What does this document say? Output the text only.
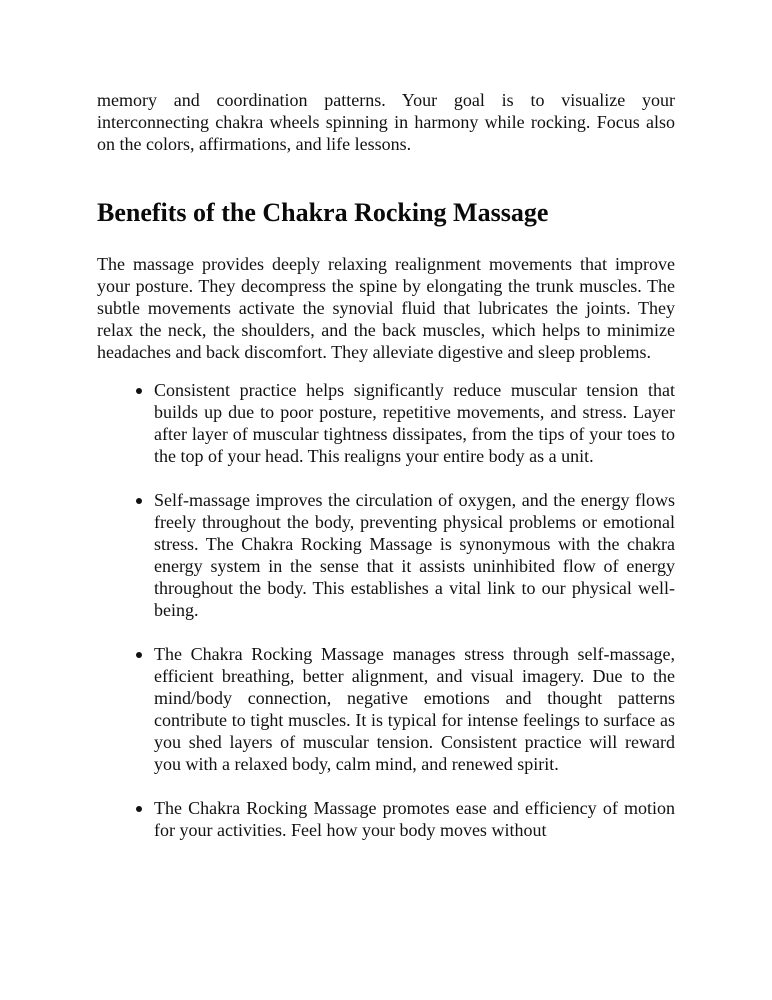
memory and coordination patterns. Your goal is to visualize your interconnecting chakra wheels spinning in harmony while rocking. Focus also on the colors, affirmations, and life lessons.

Benefits of the Chakra Rocking Massage

The massage provides deeply relaxing realignment movements that improve your posture. They decompress the spine by elongating the trunk muscles. The subtle movements activate the synovial fluid that lubricates the joints. They relax the neck, the shoulders, and the back muscles, which helps to minimize headaches and back discomfort. They alleviate digestive and sleep problems.

Consistent practice helps significantly reduce muscular tension that builds up due to poor posture, repetitive movements, and stress. Layer after layer of muscular tightness dissipates, from the tips of your toes to the top of your head. This realigns your entire body as a unit.

Self-massage improves the circulation of oxygen, and the energy flows freely throughout the body, preventing physical problems or emotional stress. The Chakra Rocking Massage is synonymous with the chakra energy system in the sense that it assists uninhibited flow of energy throughout the body. This establishes a vital link to our physical well-being.

The Chakra Rocking Massage manages stress through self-massage, efficient breathing, better alignment, and visual imagery. Due to the mind/body connection, negative emotions and thought patterns contribute to tight muscles. It is typical for intense feelings to surface as you shed layers of muscular tension. Consistent practice will reward you with a relaxed body, calm mind, and renewed spirit.

The Chakra Rocking Massage promotes ease and efficiency of motion for your activities. Feel how your body moves without
